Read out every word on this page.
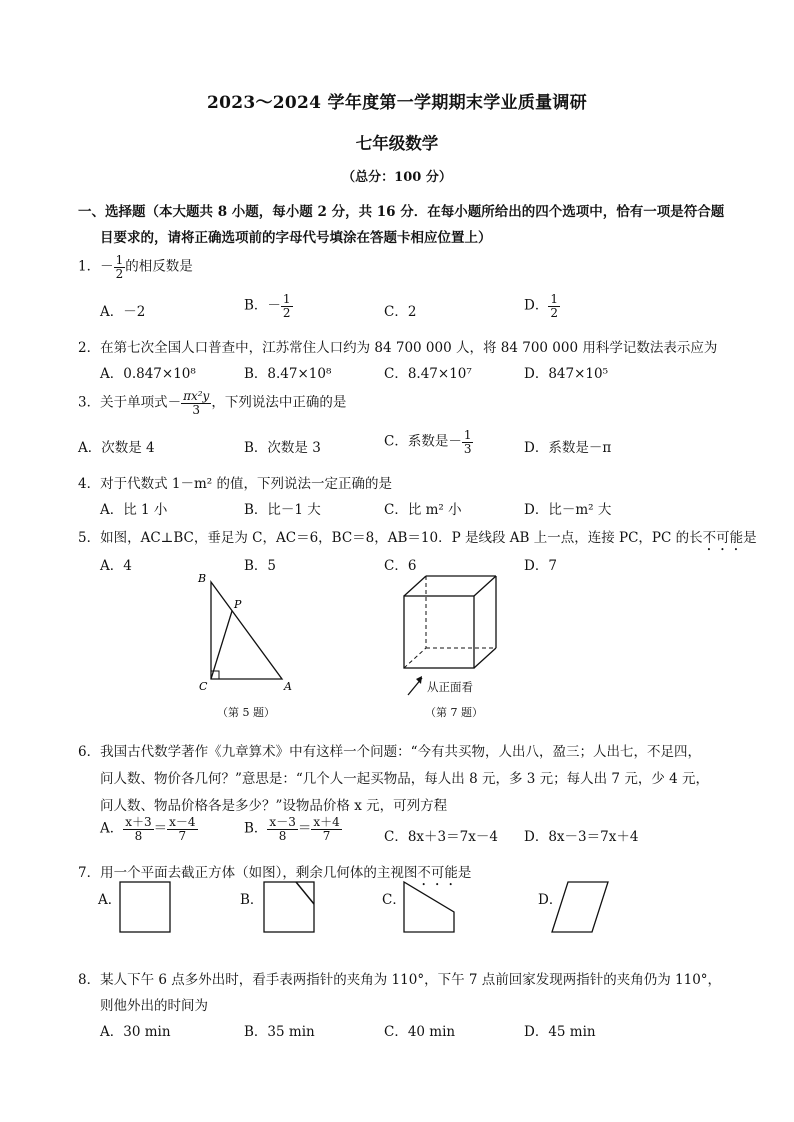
2023～2024 学年度第一学期期末学业质量调研
七年级数学
（总分：100 分）
一、选择题（本大题共 8 小题，每小题 2 分，共 16 分．在每小题所给出的四个选项中，恰有一项是符合题
目要求的，请将正确选项前的字母代号填涂在答题卡相应位置上）
1．－ $\frac{1}{2}$ 的相反数是
A．－2	B．－ $\frac{1}{2}$	C．2	D． $\frac{1}{2}$
2．在第七次全国人口普查中，江苏常住人口约为 84 700 000 人，将 84 700 000 用科学记数法表示应为
A．0.847×10⁸	B．8.47×10⁸	C．8.47×10⁷	D．847×10⁵
3．关于单项式－ $\frac{\text{πx²y}}{3}$ ，下列说法中正确的是
A．次数是 4	B．次数是 3	C．系数是－ $\frac{1}{3}$	D．系数是－π
4．对于代数式 1－m² 的值，下列说法一定正确的是
A．比 1 小	B．比－1 大	C．比 m² 小	D．比－m² 大
5．如图，AC⊥BC，垂足为 C，AC＝6，BC＝8，AB＝10．P 是线段 AB 上一点，连接 PC，PC 的长不可能是
A．4	B．5	C．6	D．7
B
P
C	A
（第 5 题）
从正面看
（第 7 题）
6．我国古代数学著作《九章算术》中有这样一个问题：“今有共买物，人出八，盈三；人出七，不足四，
问人数、物价各几何？”意思是：“几个人一起买物品，每人出 8 元，多 3 元；每人出 7 元，少 4 元，
问人数、物品价格各是多少？”设物品价格 x 元，可列方程
A． $\frac{x+3}{8} = \frac{x-4}{7}$	B． $\frac{x-3}{8} = \frac{x+4}{7}$	C．8x＋3＝7x－4 D．8x－3＝7x＋4
7．用一个平面去截正方体（如图），剩余几何体的主视图不可能是
A．	B．	C．	D．
8．某人下午 6 点多外出时，看手表两指针的夹角为 110°，下午 7 点前回家发现两指针的夹角仍为 110°，
则他外出的时间为
A．30 min	B．35 min	C．40 min	D．45 min
